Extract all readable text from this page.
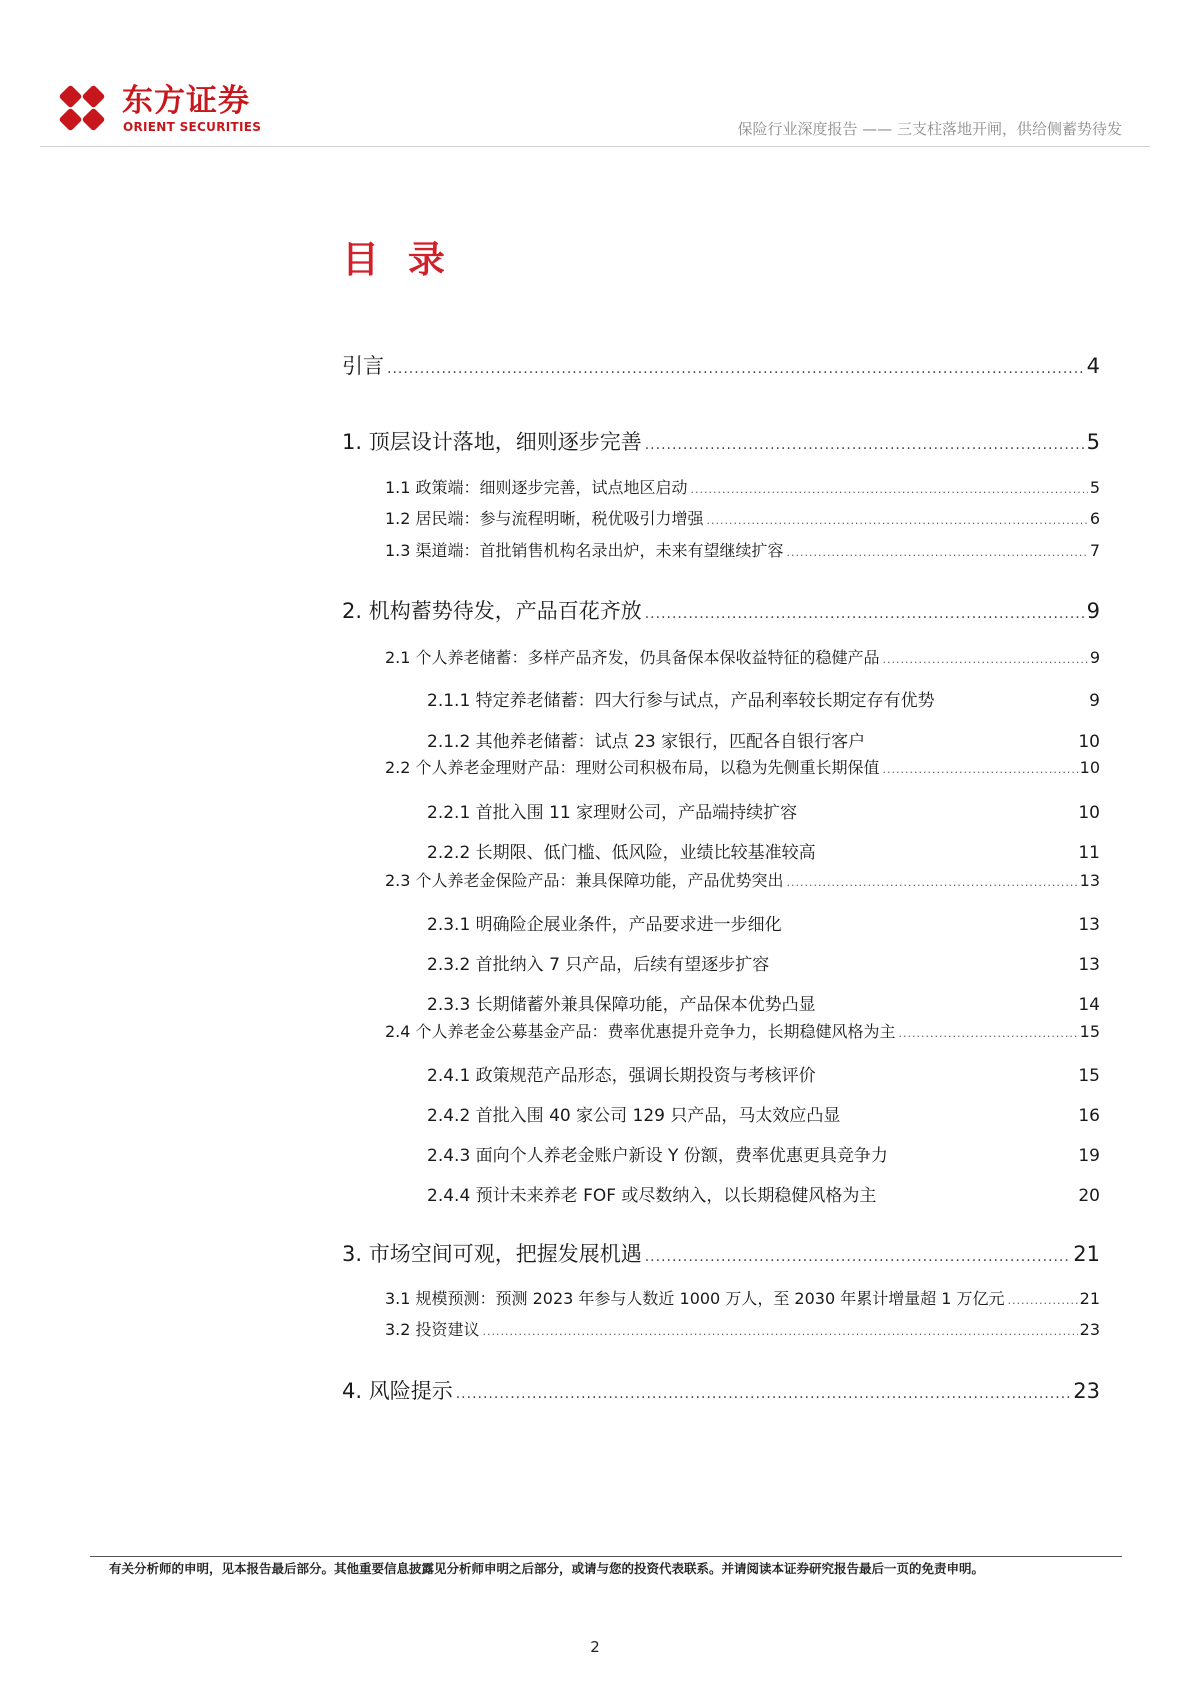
东方证券
ORIENT SECURITIES	保险行业深度报告 —— 三支柱落地开闸，供给侧蓄势待发
目 录
引言 .....	4
1. 顶层设计落地，细则逐步完善 .....	5
1.1 政策端：细则逐步完善，试点地区启动 .....	5
1.2 居民端：参与流程明晰，税优吸引力增强 .....	6
1.3 渠道端：首批销售机构名录出炉，未来有望继续扩容 .....	7
2. 机构蓄势待发，产品百花齐放 .....	9
2.1 个人养老储蓄：多样产品齐发，仍具备保本保收益特征的稳健产品 .....	9
2.1.1 特定养老储蓄：四大行参与试点，产品利率较长期定存有优势	9
2.1.2 其他养老储蓄：试点 23 家银行，匹配各自银行客户	10
2.2 个人养老金理财产品：理财公司积极布局，以稳为先侧重长期保值 .....	10
2.2.1 首批入围 11 家理财公司，产品端持续扩容	10
2.2.2 长期限、低门槛、低风险，业绩比较基准较高	11
2.3 个人养老金保险产品：兼具保障功能，产品优势突出 .....	13
2.3.1 明确险企展业条件，产品要求进一步细化	13
2.3.2 首批纳入 7 只产品，后续有望逐步扩容	13
2.3.3 长期储蓄外兼具保障功能，产品保本优势凸显	14
2.4 个人养老金公募基金产品：费率优惠提升竞争力，长期稳健风格为主 .....	15
2.4.1 政策规范产品形态，强调长期投资与考核评价	15
2.4.2 首批入围 40 家公司 129 只产品，马太效应凸显	16
2.4.3 面向个人养老金账户新设 Y 份额，费率优惠更具竞争力	19
2.4.4 预计未来养老 FOF 或尽数纳入，以长期稳健风格为主	20
3. 市场空间可观，把握发展机遇 .....	21
3.1 规模预测：预测 2023 年参与人数近 1000 万人，至 2030 年累计增量超 1 万亿元 .....	21
3.2 投资建议 .....	23
4. 风险提示 .....	23
有关分析师的申明，见本报告最后部分。其他重要信息披露见分析师申明之后部分，或请与您的投资代表联系。并请阅读本证券研究报告最后一页的免责申明。
2
